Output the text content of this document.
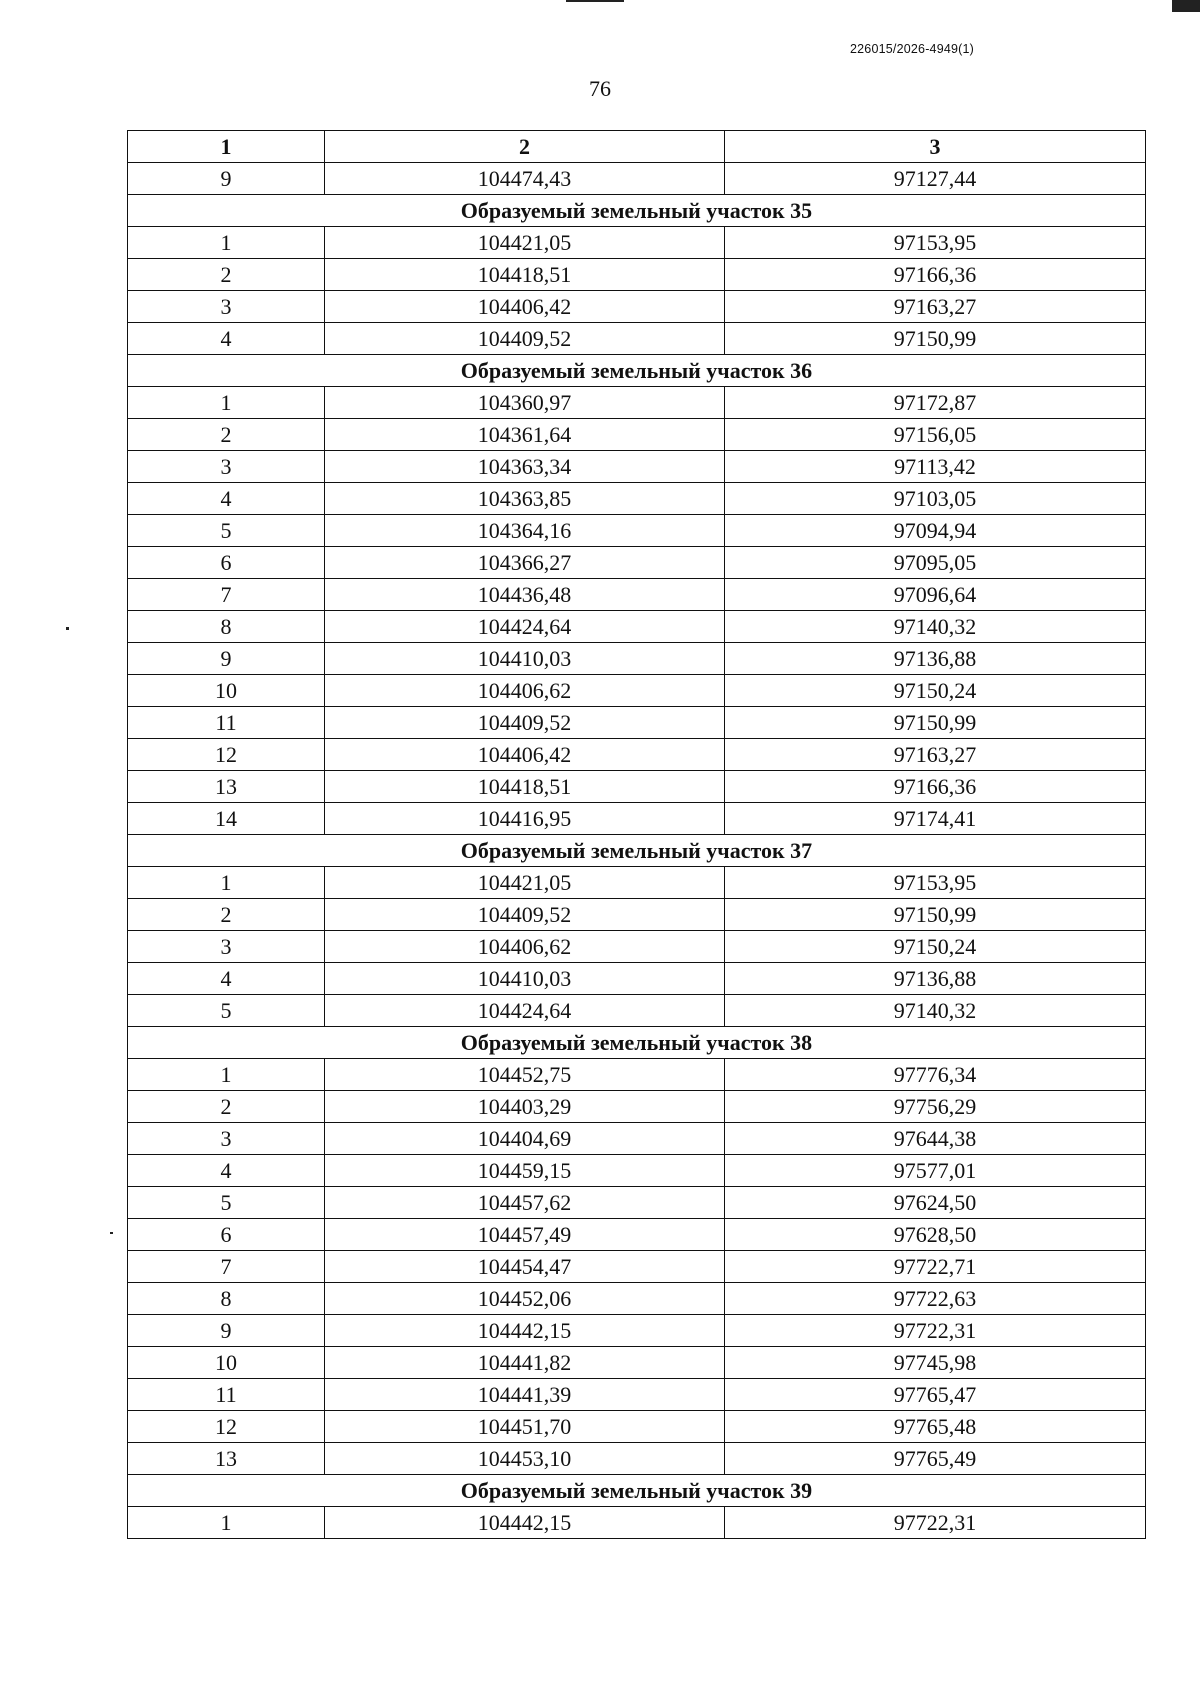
226015/2026-4949(1)
76
1	2	3
9	104474,43	97127,44
Образуемый земельный участок 35		
1	104421,05	97153,95
2	104418,51	97166,36
3	104406,42	97163,27
4	104409,52	97150,99
Образуемый земельный участок 36		
1	104360,97	97172,87
2	104361,64	97156,05
3	104363,34	97113,42
4	104363,85	97103,05
5	104364,16	97094,94
6	104366,27	97095,05
7	104436,48	97096,64
8	104424,64	97140,32
9	104410,03	97136,88
10	104406,62	97150,24
11	104409,52	97150,99
12	104406,42	97163,27
13	104418,51	97166,36
14	104416,95	97174,41
Образуемый земельный участок 37		
1	104421,05	97153,95
2	104409,52	97150,99
3	104406,62	97150,24
4	104410,03	97136,88
5	104424,64	97140,32
Образуемый земельный участок 38		
1	104452,75	97776,34
2	104403,29	97756,29
3	104404,69	97644,38
4	104459,15	97577,01
5	104457,62	97624,50
6	104457,49	97628,50
7	104454,47	97722,71
8	104452,06	97722,63
9	104442,15	97722,31
10	104441,82	97745,98
11	104441,39	97765,47
12	104451,70	97765,48
13	104453,10	97765,49
Образуемый земельный участок 39		
1	104442,15	97722,31
